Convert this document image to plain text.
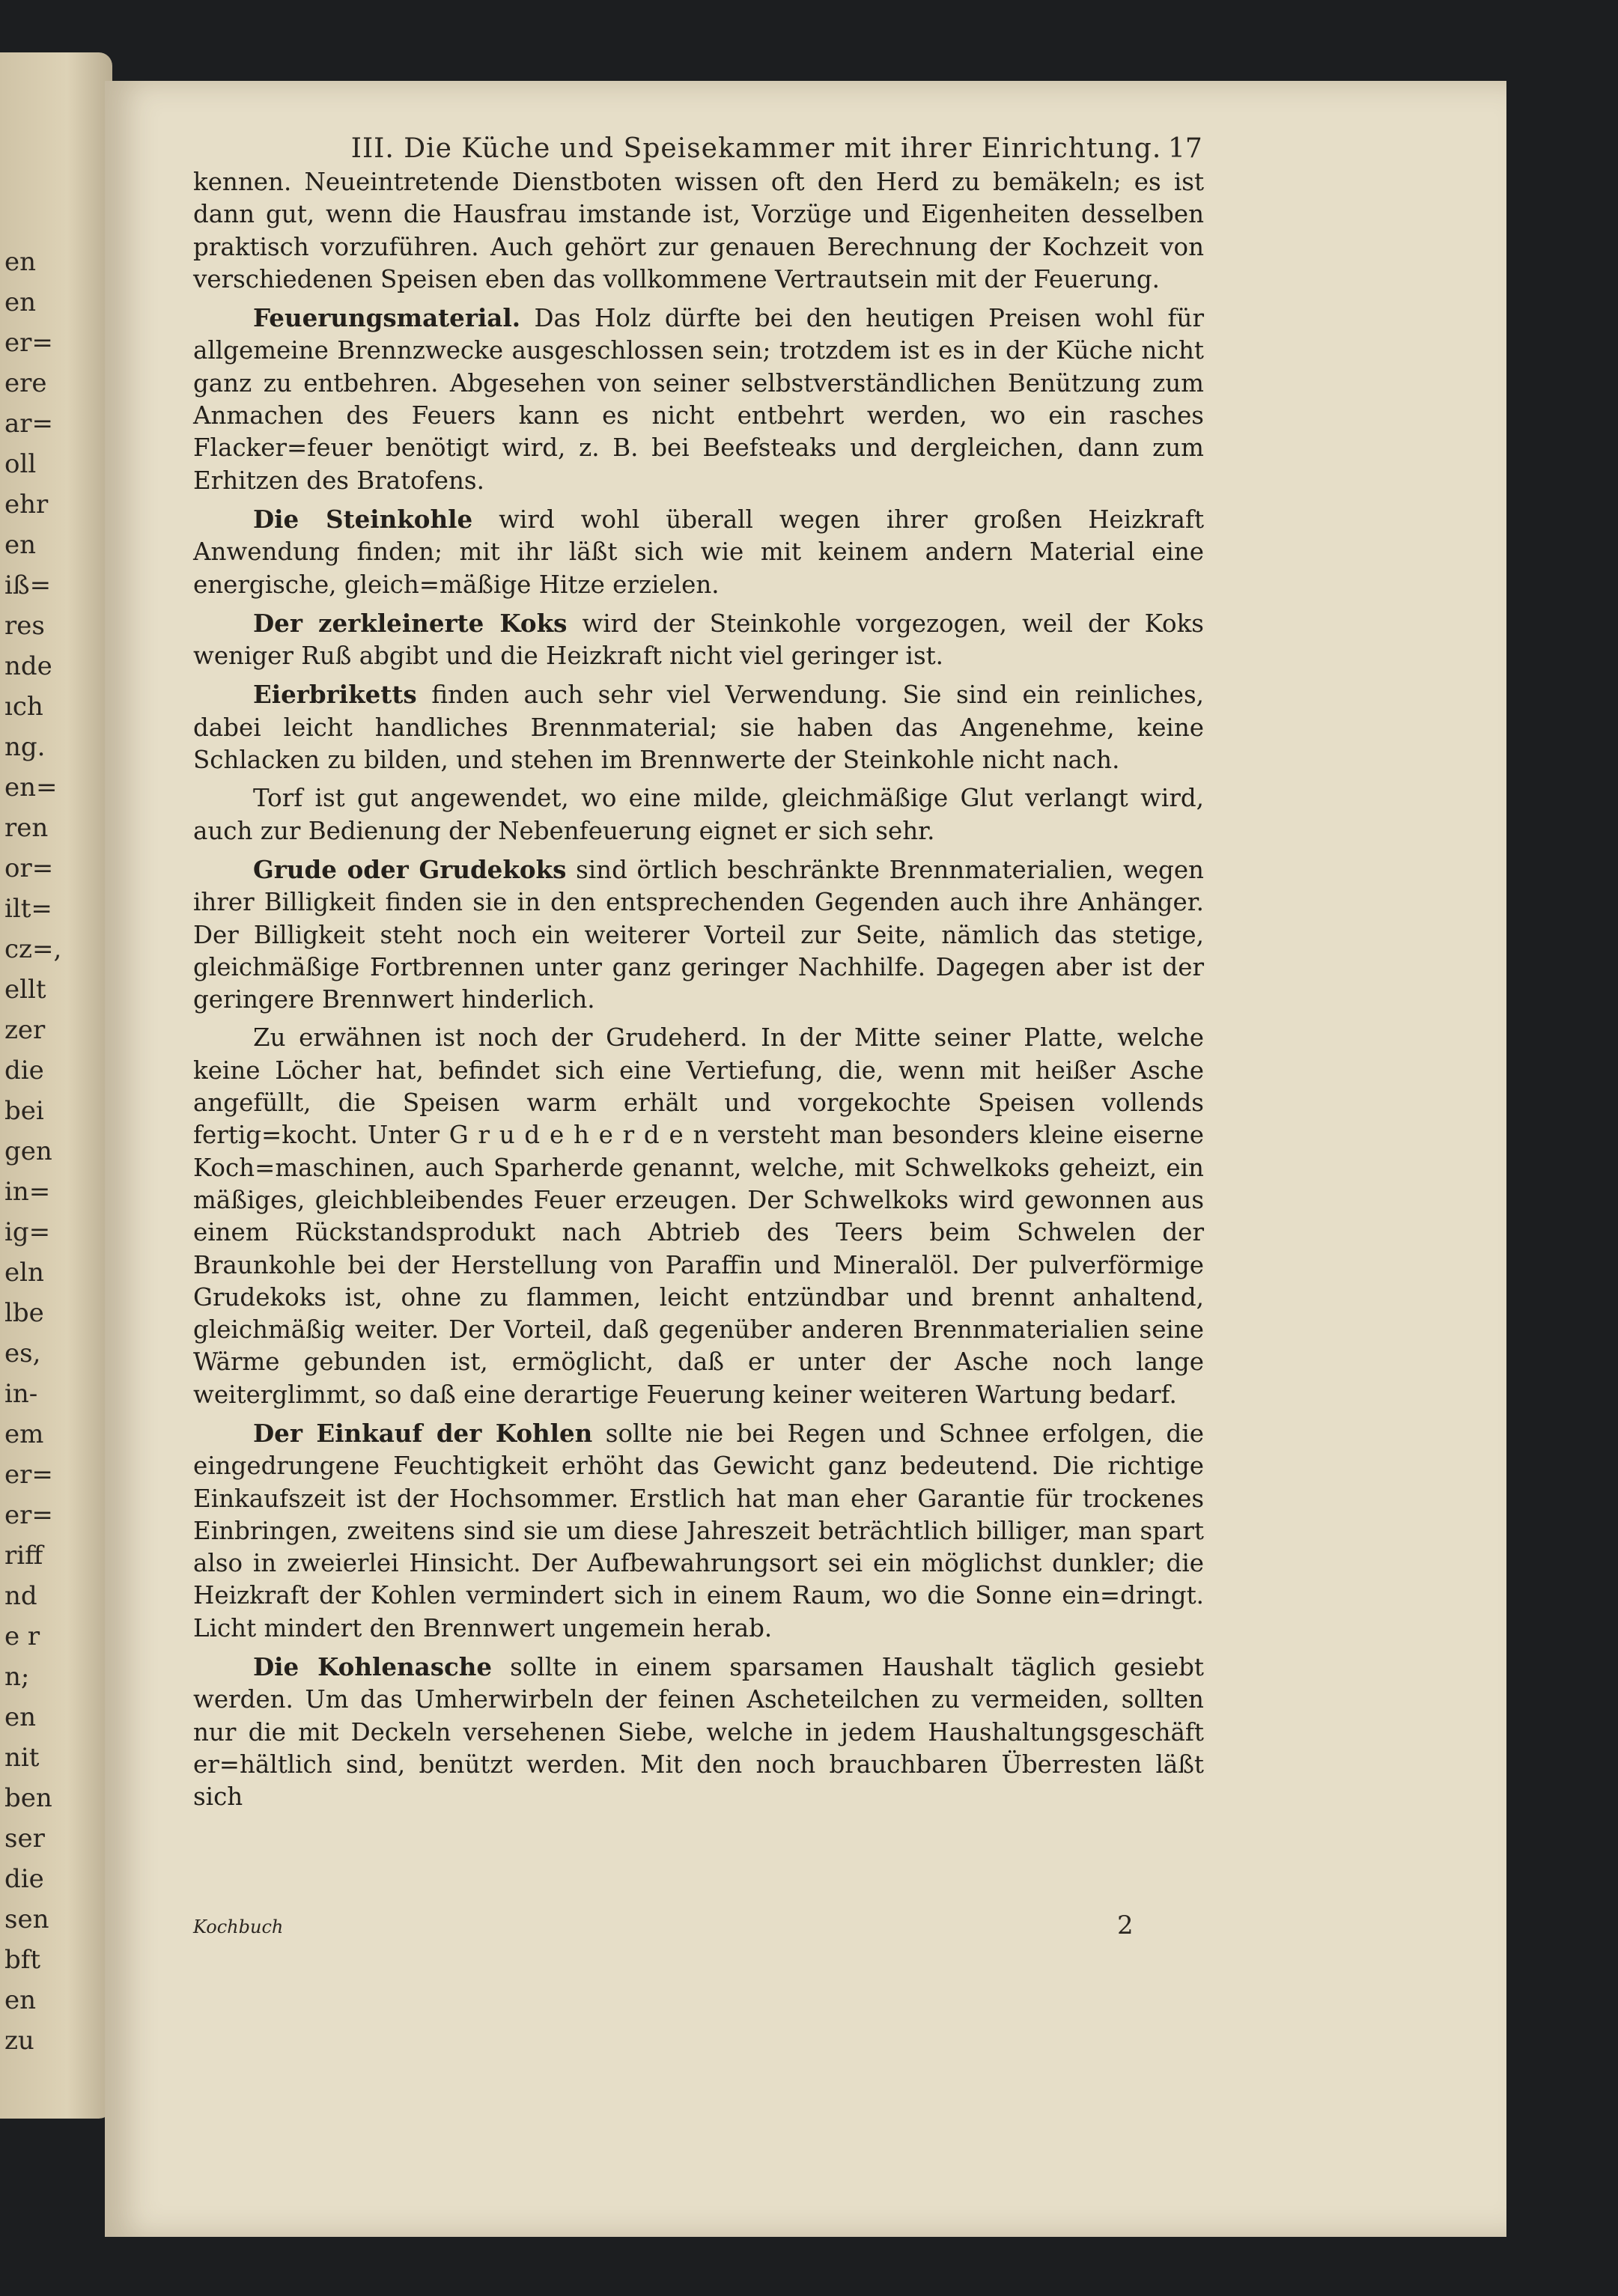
en
en
er=
ere
ar=
oll
ehr
en
iß=
res
nde
ıch
ng.
en=
ren
or=
ilt=
cz=,
ellt
zer
die
bei
gen
in=
ig=
eln
lbe
es,
in-
em
er=
er=
riff
nd
e r
n;
en
nit
ben
ser
die
sen
bft
en
zu
III. Die Küche und Speisekammer mit ihrer Einrichtung. 17

kennen. Neueintretende Dienstboten wissen oft den Herd zu bemäkeln; es ist dann gut, wenn die Hausfrau imstande ist, Vorzüge und Eigenheiten desselben praktisch vorzuführen. Auch gehört zur genauen Berechnung der Kochzeit von verschiedenen Speisen eben das vollkommene Vertrautsein mit der Feuerung.

Feuerungsmaterial. Das Holz dürfte bei den heutigen Preisen wohl für allgemeine Brennzwecke ausgeschlossen sein; trotzdem ist es in der Küche nicht ganz zu entbehren. Abgesehen von seiner selbstverständlichen Benützung zum Anmachen des Feuers kann es nicht entbehrt werden, wo ein rasches Flacker=feuer benötigt wird, z. B. bei Beefsteaks und dergleichen, dann zum Erhitzen des Bratofens.

Die Steinkohle wird wohl überall wegen ihrer großen Heizkraft Anwendung finden; mit ihr läßt sich wie mit keinem andern Material eine energische, gleich=mäßige Hitze erzielen.

Der zerkleinerte Koks wird der Steinkohle vorgezogen, weil der Koks weniger Ruß abgibt und die Heizkraft nicht viel geringer ist.

Eierbriketts finden auch sehr viel Verwendung. Sie sind ein reinliches, dabei leicht handliches Brennmaterial; sie haben das Angenehme, keine Schlacken zu bilden, und stehen im Brennwerte der Steinkohle nicht nach.

Torf ist gut angewendet, wo eine milde, gleichmäßige Glut verlangt wird, auch zur Bedienung der Nebenfeuerung eignet er sich sehr.

Grude oder Grudekoks sind örtlich beschränkte Brennmaterialien, wegen ihrer Billigkeit finden sie in den entsprechenden Gegenden auch ihre Anhänger. Der Billigkeit steht noch ein weiterer Vorteil zur Seite, nämlich das stetige, gleichmäßige Fortbrennen unter ganz geringer Nachhilfe. Dagegen aber ist der geringere Brennwert hinderlich.

Zu erwähnen ist noch der Grudeherd. In der Mitte seiner Platte, welche keine Löcher hat, befindet sich eine Vertiefung, die, wenn mit heißer Asche angefüllt, die Speisen warm erhält und vorgekochte Speisen vollends fertig=kocht. Unter G r u d e h e r d e n versteht man besonders kleine eiserne Koch=maschinen, auch Sparherde genannt, welche, mit Schwelkoks geheizt, ein mäßiges, gleichbleibendes Feuer erzeugen. Der Schwelkoks wird gewonnen aus einem Rückstandsprodukt nach Abtrieb des Teers beim Schwelen der Braunkohle bei der Herstellung von Paraffin und Mineralöl. Der pulverförmige Grudekoks ist, ohne zu flammen, leicht entzündbar und brennt anhaltend, gleichmäßig weiter. Der Vorteil, daß gegenüber anderen Brennmaterialien seine Wärme gebunden ist, ermöglicht, daß er unter der Asche noch lange weiterglimmt, so daß eine derartige Feuerung keiner weiteren Wartung bedarf.

Der Einkauf der Kohlen sollte nie bei Regen und Schnee erfolgen, die eingedrungene Feuchtigkeit erhöht das Gewicht ganz bedeutend. Die richtige Einkaufszeit ist der Hochsommer. Erstlich hat man eher Garantie für trockenes Einbringen, zweitens sind sie um diese Jahreszeit beträchtlich billiger, man spart also in zweierlei Hinsicht. Der Aufbewahrungsort sei ein möglichst dunkler; die Heizkraft der Kohlen vermindert sich in einem Raum, wo die Sonne ein=dringt. Licht mindert den Brennwert ungemein herab.

Die Kohlenasche sollte in einem sparsamen Haushalt täglich gesiebt werden. Um das Umherwirbeln der feinen Ascheteilchen zu vermeiden, sollten nur die mit Deckeln versehenen Siebe, welche in jedem Haushaltungsgeschäft er=hältlich sind, benützt werden. Mit den noch brauchbaren Überresten läßt sich

Kochbuch	2
